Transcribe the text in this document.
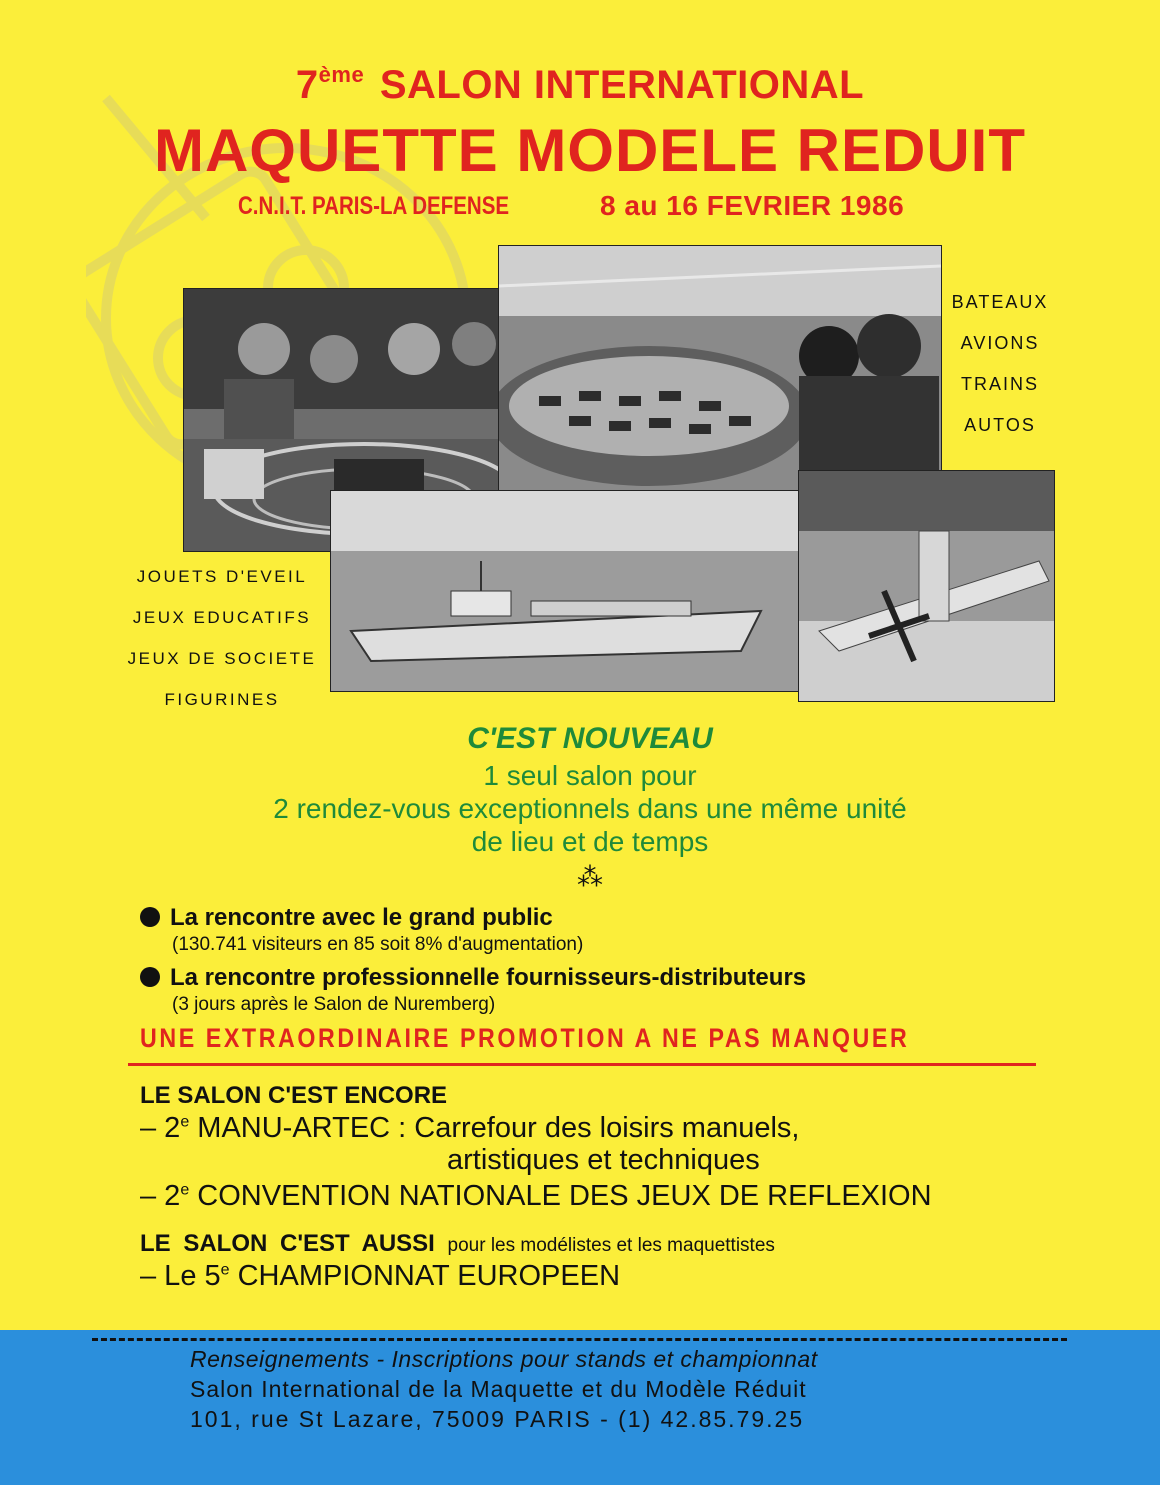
7ème SALON INTERNATIONAL
MAQUETTE MODELE REDUIT
C.N.I.T. PARIS-LA DEFENSE	8 au 16 FEVRIER 1986
BATEAUX
AVIONS
TRAINS
AUTOS
JOUETS D'EVEIL
JEUX EDUCATIFS
JEUX DE SOCIETE
FIGURINES
C'EST NOUVEAU
1 seul salon pour
2 rendez-vous exceptionnels dans une même unité
de lieu et de temps
⁂
La rencontre avec le grand public
(130.741 visiteurs en 85 soit 8% d'augmentation)
La rencontre professionnelle fournisseurs-distributeurs
(3 jours après le Salon de Nuremberg)
UNE EXTRAORDINAIRE PROMOTION A NE PAS MANQUER
LE SALON C'EST ENCORE
– 2e MANU-ARTEC : Carrefour des loisirs manuels,
artistiques et techniques
– 2e CONVENTION NATIONALE DES JEUX DE REFLEXION
LE SALON C'EST AUSSI pour les modélistes et les maquettistes
– Le 5e CHAMPIONNAT EUROPEEN
Renseignements - Inscriptions pour stands et championnat
Salon International de la Maquette et du Modèle Réduit
101, rue St Lazare, 75009 PARIS - (1) 42.85.79.25
